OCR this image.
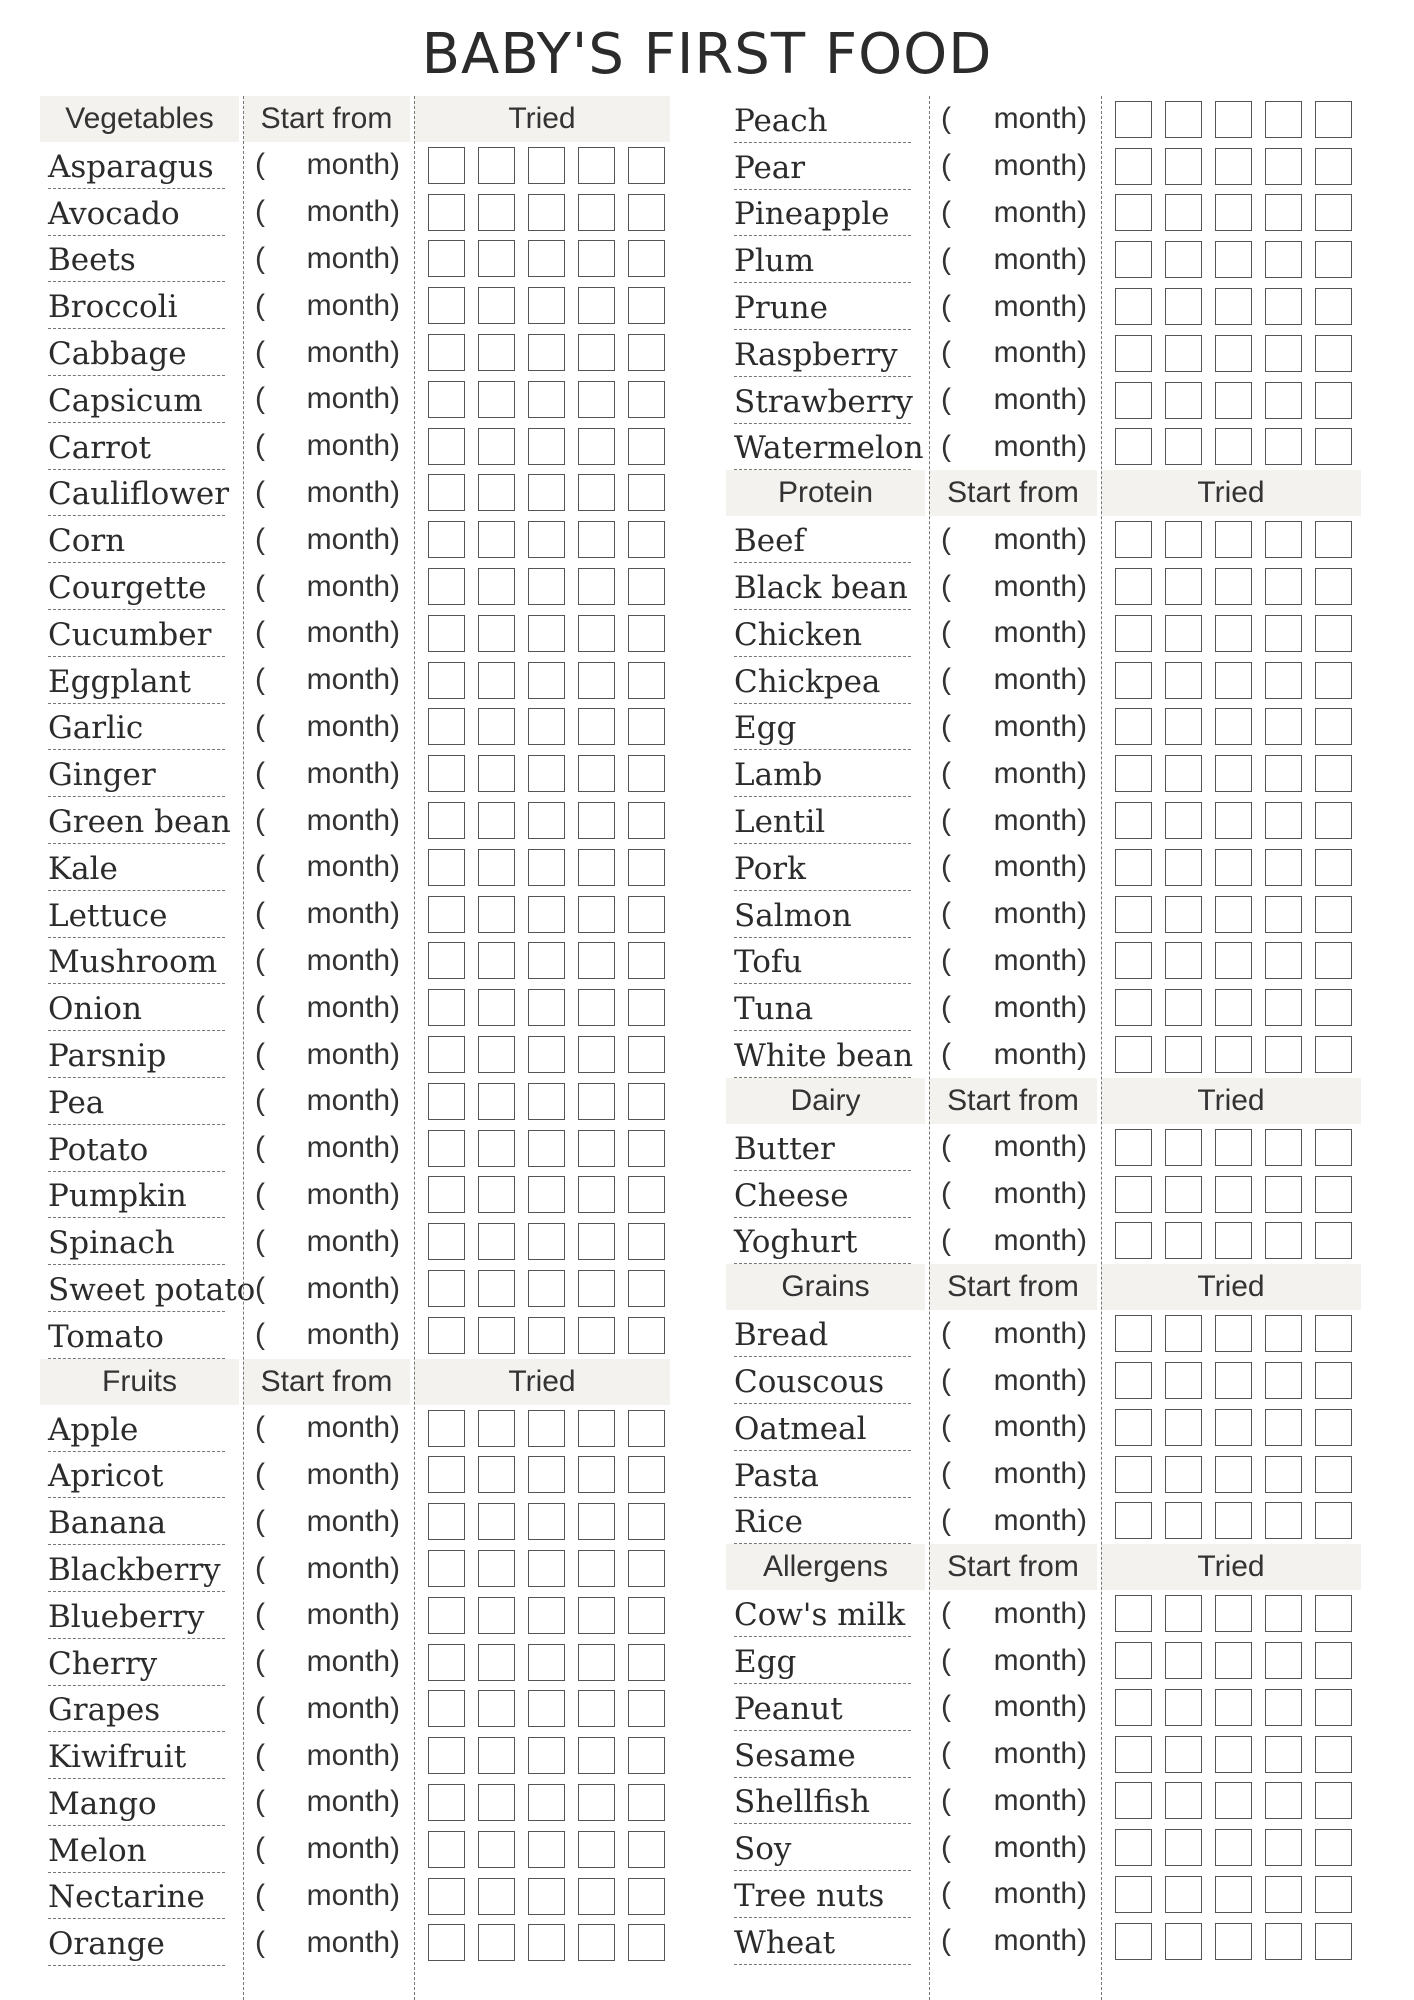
BABY'S FIRST FOOD
Vegetables	Start from	Tried
Asparagus ( month)
Avocado	( month)
Beets	( month)
Broccoli	( month)
Cabbage ( month)
Capsicum ( month)
Carrot	( month)
Cauliflower ( month)
Corn	( month)
Courgette ( month)
Cucumber ( month)
Eggplant ( month)
Garlic	( month)
Ginger	( month)
Green bean ( month)
Kale	( month)
Lettuce	( month)
Mushroom ( month)
Onion	( month)
Parsnip	( month)
Pea	( month)
Potato	( month)
Pumpkin ( month)
Spinach	( month)
Sweet potato ( month)
Tomato	( month)
Fruits	Start from	Tried
Apple	( month)
Apricot	( month)
Banana	( month)
Blackberry ( month)
Blueberry ( month)
Cherry	( month)
Grapes	( month)
Kiwifruit ( month)
Mango	( month)
Melon	( month)
Nectarine ( month)
Orange	( month)
Peach	( month)
Pear	( month)
Pineapple ( month)
Plum	( month)
Prune	( month)
Raspberry ( month)
Strawberry ( month)
Watermelon ( month)
Protein	Start from	Tried
Beef	( month)
Black bean ( month)
Chicken	( month)
Chickpea ( month)
Egg	( month)
Lamb	( month)
Lentil	( month)
Pork	( month)
Salmon	( month)
Tofu	( month)
Tuna	( month)
White bean ( month)
Dairy	Start from	Tried
Butter	( month)
Cheese	( month)
Yoghurt	( month)
Grains	Start from	Tried
Bread	( month)
Couscous ( month)
Oatmeal ( month)
Pasta	( month)
Rice	( month)
Allergens	Start from	Tried
Cow's milk ( month)
Egg	( month)
Peanut	( month)
Sesame	( month)
Shellfish ( month)
Soy	( month)
Tree nuts ( month)
Wheat	( month)
